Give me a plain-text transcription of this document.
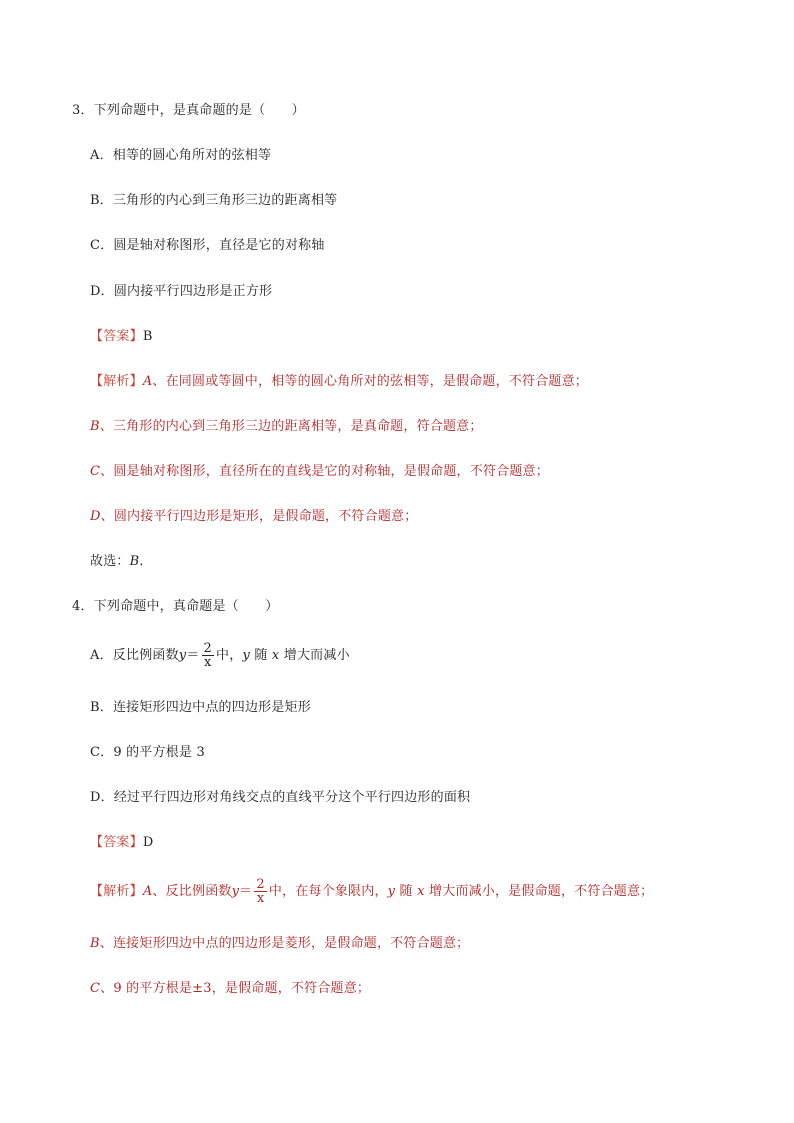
3．下列命题中，是真命题的是（　　）
A．相等的圆心角所对的弦相等
B．三角形的内心到三角形三边的距离相等
C．圆是轴对称图形，直径是它的对称轴
D．圆内接平行四边形是正方形
【答案】B
【解析】A、在同圆或等圆中，相等的圆心角所对的弦相等，是假命题，不符合题意；
B、三角形的内心到三角形三边的距离相等，是真命题，符合题意；
C、圆是轴对称图形，直径所在的直线是它的对称轴，是假命题，不符合题意；
D、圆内接平行四边形是矩形，是假命题，不符合题意；
故选：B．
4．下列命题中，真命题是（　　）
A．反比例函数$y= \frac{2}{x}$ 中，y 随 x 增大而减小
B．连接矩形四边中点的四边形是矩形
C．9 的平方根是 3
D．经过平行四边形对角线交点的直线平分这个平行四边形的面积
【答案】D
【解析】A、反比例函数$y= \frac{2}{x}$ 中，在每个象限内，y 随 x 增大而减小，是假命题，不符合题意；
B、连接矩形四边中点的四边形是菱形，是假命题，不符合题意；
C、9 的平方根是±3，是假命题，不符合题意；
